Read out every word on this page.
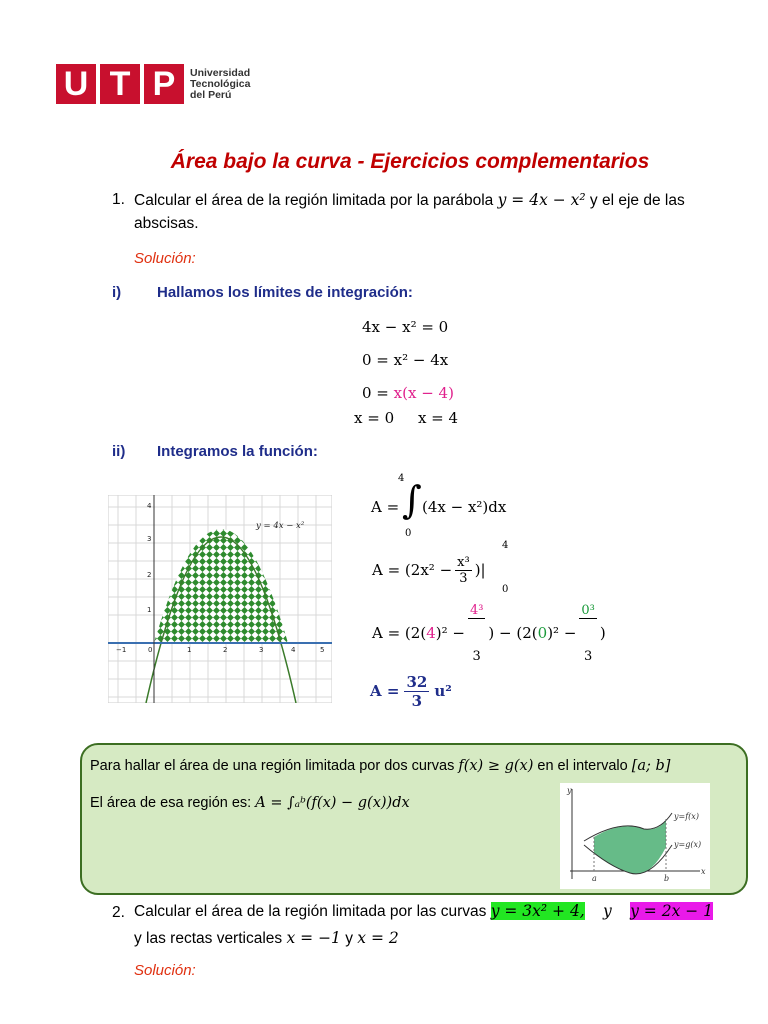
U T P	Universidad
Tecnológica
del Perú
Área bajo la curva - Ejercicios complementarios
1. Calcular el área de la región limitada por la parábola y = 4x − x² y el eje de las
abscisas.
Solución:
i) Hallamos los límites de integración:
4x − x² = 0
0 = x² − 4x
0 = x(x − 4)
x = 0     x = 4
ii) Integramos la función:
−1	0	1	2	3	4	5
1
2
3
4
y = 4x − x²
A = ∫
4
0
(4x − x²)dx
$A = (2x^2 - \frac{\text{x³}}{3}$ )|
4
0
A = (2( 4 )² −

$\frac{\text{4³}}{3}$

) − (2( 0 )² −

$\frac{\text{0³}}{3}$

)
$A = \frac{32}{3} u^2$
Para hallar el área de una región limitada por dos curvas f(x) ≥ g(x) en el intervalo [a; b]
El área de esa región es: A = ∫ₐᵇ(f(x) − g(x))dx
y=f(x)
y=g(x)
y
x
a	b
2. Calcular el área de la región limitada por las curvas y = 3x² + 4, y y = 2x − 1
y las rectas verticales x = −1 y x = 2
Solución:
